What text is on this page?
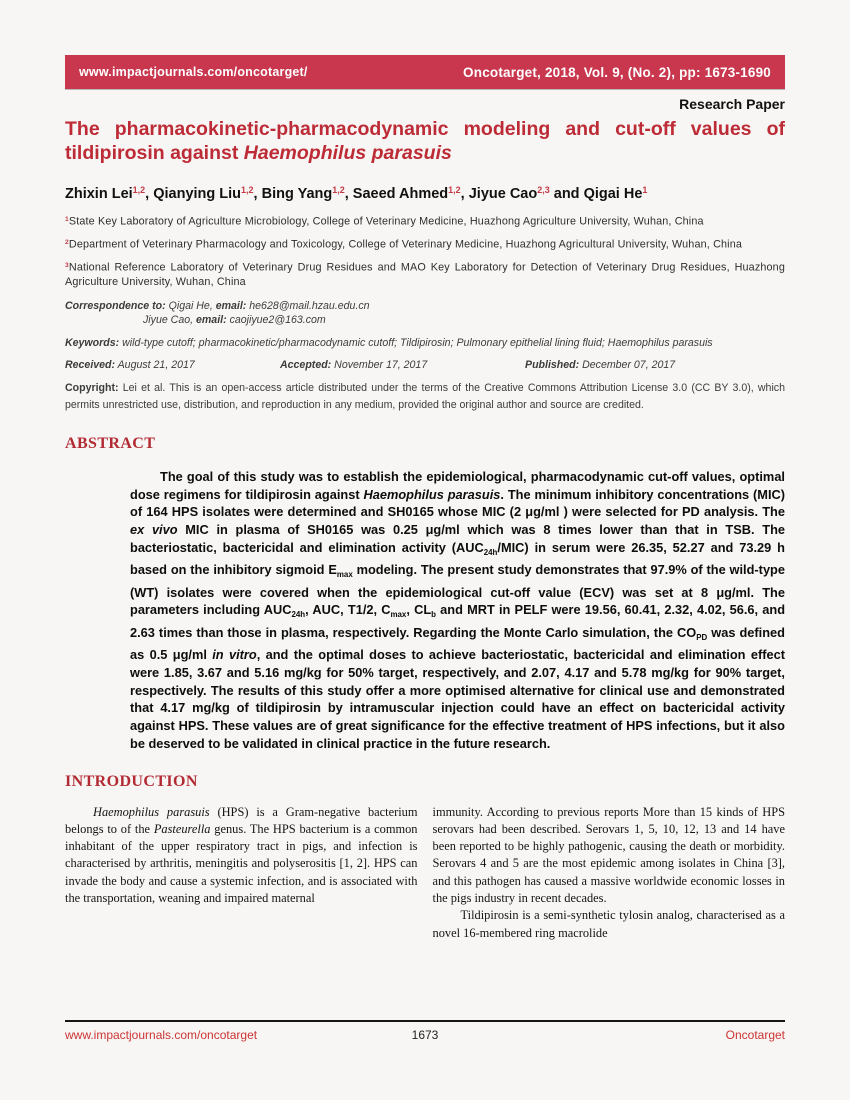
www.impactjournals.com/oncotarget/	Oncotarget, 2018, Vol. 9, (No. 2), pp: 1673-1690
Research Paper
The pharmacokinetic-pharmacodynamic modeling and cut-off values of tildipirosin against Haemophilus parasuis
Zhixin Lei$^{1,2}$, Qianying Liu$^{1,2}$, Bing Yang$^{1,2}$, Saeed Ahmed$^{1,2}$, Jiyue Cao$^{2,3}$ and Qigai He$^1$
$^1$State Key Laboratory of Agriculture Microbiology, College of Veterinary Medicine, Huazhong Agriculture University, Wuhan, China
$^2$Department of Veterinary Pharmacology and Toxicology, College of Veterinary Medicine, Huazhong Agricultural University, Wuhan, China
$^3$National Reference Laboratory of Veterinary Drug Residues and MAO Key Laboratory for Detection of Veterinary Drug Residues, Huazhong Agriculture University, Wuhan, China
Correspondence to: Qigai He, email: he628@mail.hzau.edu.cn
Jiyue Cao, email: caojiyue2@163.com
Keywords: wild-type cutoff; pharmacokinetic/pharmacodynamic cutoff; Tildipirosin; Pulmonary epithelial lining fluid; Haemophilus parasuis
Received: August 21, 2017	Accepted: November 17, 2017	Published: December 07, 2017
Copyright: Lei et al. This is an open-access article distributed under the terms of the Creative Commons Attribution License 3.0 (CC BY 3.0), which permits unrestricted use, distribution, and reproduction in any medium, provided the original author and source are credited.
ABSTRACT
The goal of this study was to establish the epidemiological, pharmacodynamic cut-off values, optimal dose regimens for tildipirosin against Haemophilus parasuis. The minimum inhibitory concentrations (MIC) of 164 HPS isolates were determined and SH0165 whose MIC (2 μg/ml ) were selected for PD analysis. The ex vivo MIC in plasma of SH0165 was 0.25 μg/ml which was 8 times lower than that in TSB. The bacteriostatic, bactericidal and elimination activity $(AUC_{24h}/MIC)$ in serum were 26.35, 52.27 and 73.29 h based on the inhibitory sigmoid $E_{max}$ modeling. The present study demonstrates that 97.9% of the wild-type (WT) isolates were covered when the epidemiological cut-off value (ECV) was set at 8 μg/ml. The parameters including $AUC_{24h}$, AUC, T1/2, $C_{max}$, $CL_b$ and MRT in PELF were 19.56, 60.41, 2.32, 4.02, 56.6, and 2.63 times than those in plasma, respectively. Regarding the Monte Carlo simulation, the $CO_{PD}$ was defined as 0.5 μg/ml in vitro, and the optimal doses to achieve bacteriostatic, bactericidal and elimination effect were 1.85, 3.67 and 5.16 mg/kg for 50% target, respectively, and 2.07, 4.17 and 5.78 mg/kg for 90% target, respectively. The results of this study offer a more optimised alternative for clinical use and demonstrated that 4.17 mg/kg of tildipirosin by intramuscular injection could have an effect on bactericidal activity against HPS. These values are of great significance for the effective treatment of HPS infections, but it also be deserved to be validated in clinical practice in the future research.
INTRODUCTION

Haemophilus parasuis (HPS) is a Gram-negative bacterium belongs to of the Pasteurella genus. The HPS bacterium is a common inhabitant of the upper respiratory tract in pigs, and infection is characterised by arthritis, meningitis and polyserositis [1, 2]. HPS can invade the body and cause a systemic infection, and is associated with the transportation, weaning and impaired maternal

immunity. According to previous reports More than 15 kinds of HPS serovars had been described. Serovars 1, 5, 10, 12, 13 and 14 have been reported to be highly pathogenic, causing the death or morbidity. Serovars 4 and 5 are the most epidemic among isolates in China [3], and this pathogen has caused a massive worldwide economic losses in the pigs industry in recent decades.

Tildipirosin is a semi-synthetic tylosin analog, characterised as a novel 16-membered ring macrolide

www.impactjournals.com/oncotarget	1673	Oncotarget
